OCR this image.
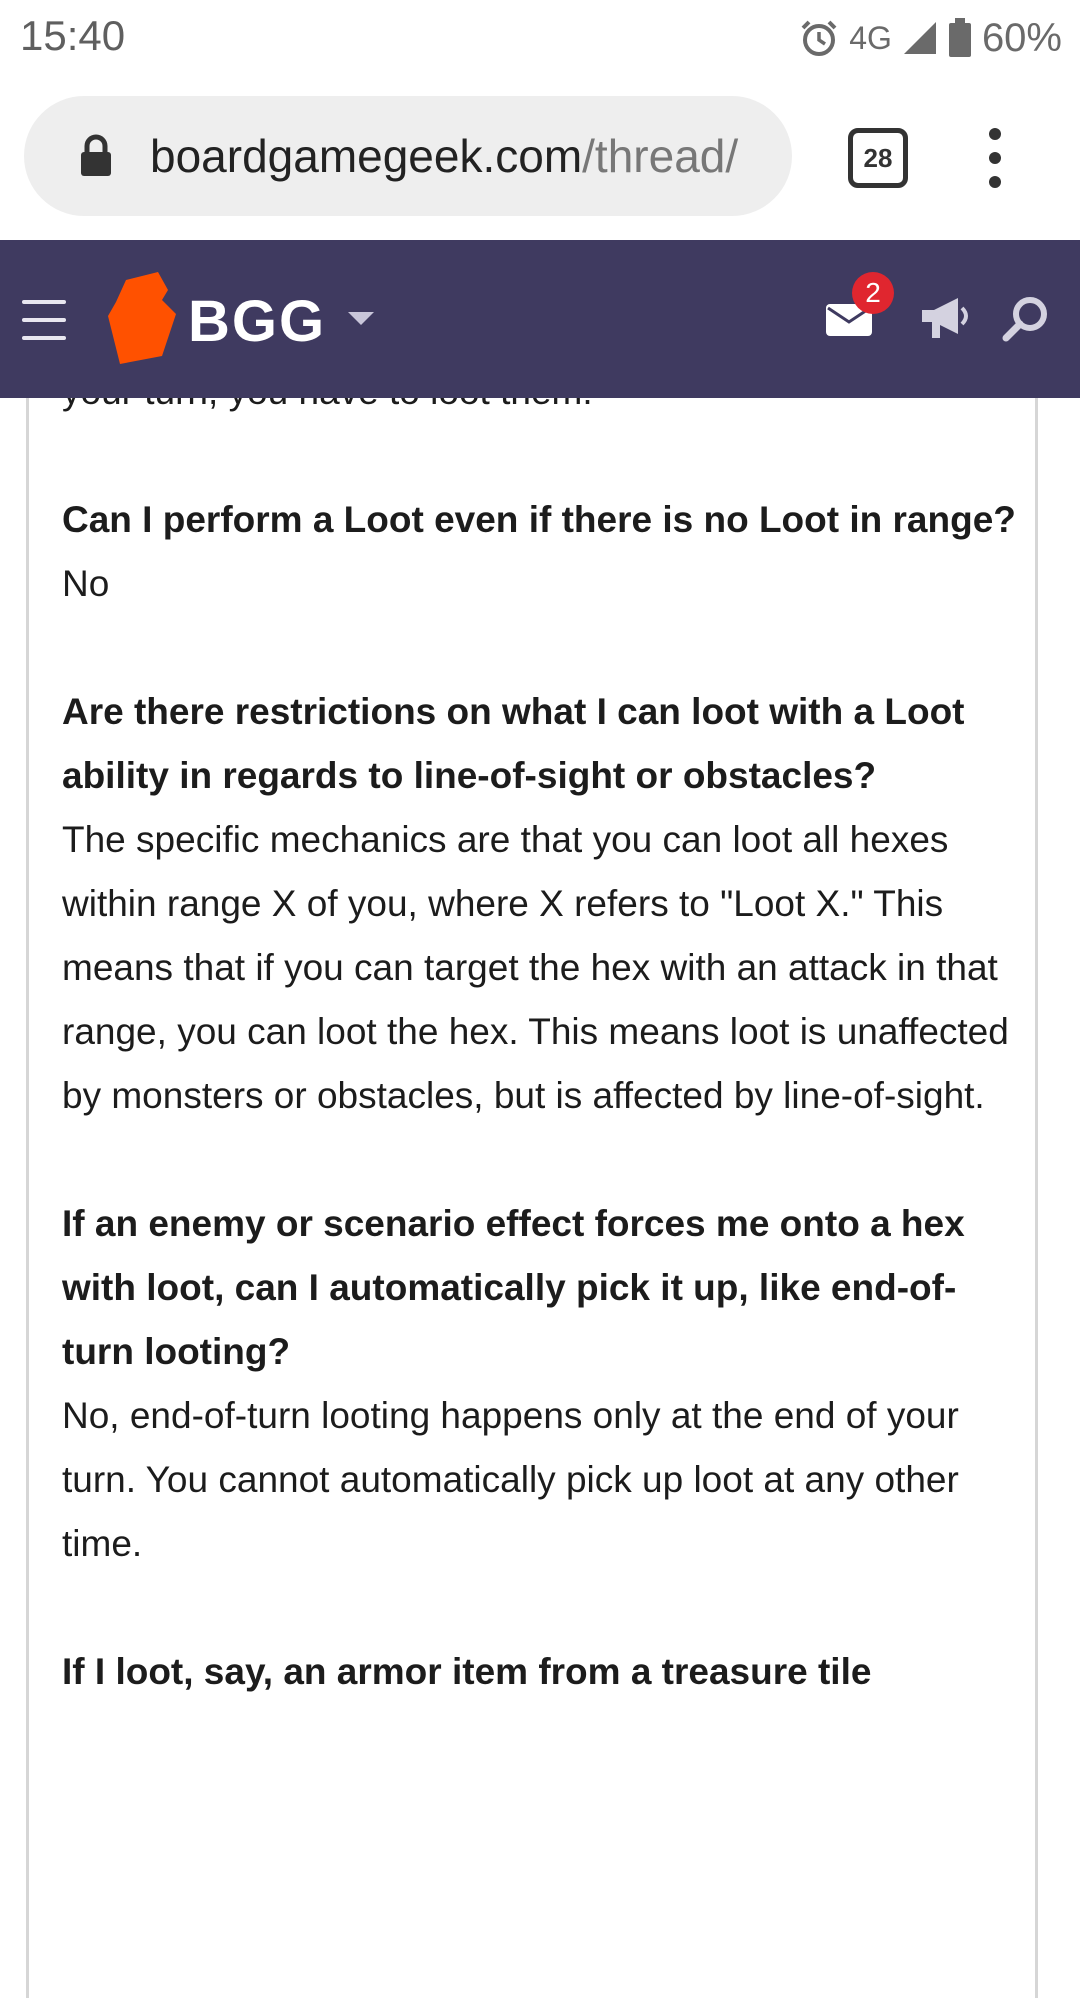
15:40	4G 60%
boardgamegeek.com/thread/	28
BGG	2

Can I perform a Loot even if there is no Loot in range?
No

Are there restrictions on what I can loot with a Loot ability in regards to line-of-sight or obstacles?
The specific mechanics are that you can loot all hexes within range X of you, where X refers to "Loot X." This means that if you can target the hex with an attack in that range, you can loot the hex. This means loot is unaffected by monsters or obstacles, but is affected by line-of-sight.

If an enemy or scenario effect forces me onto a hex with loot, can I automatically pick it up, like end-of-turn looting?
No, end-of-turn looting happens only at the end of your turn. You cannot automatically pick up loot at any other time.

If I loot, say, an armor item from a treasure tile
